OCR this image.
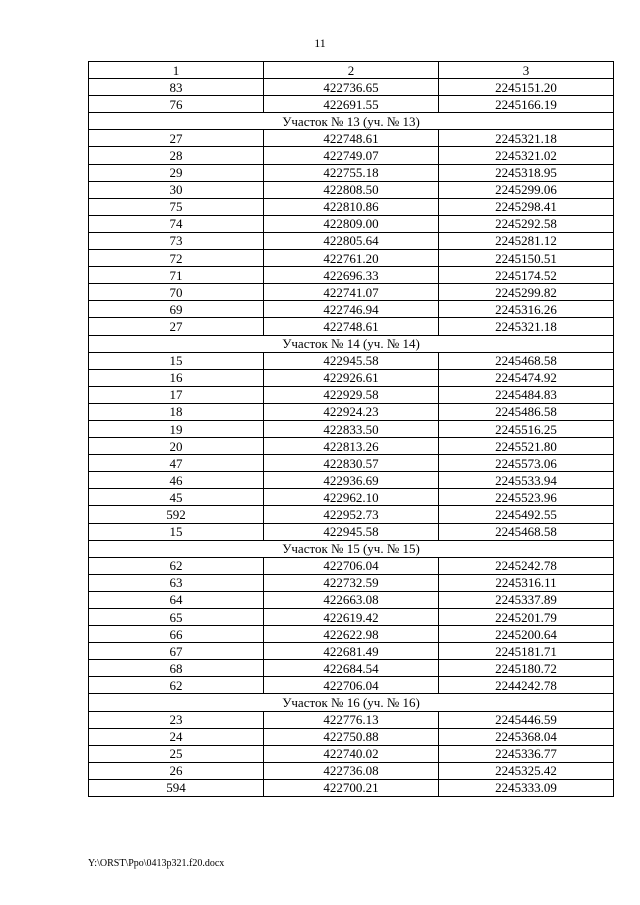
11
1	2	3
83	422736.65	2245151.20
76	422691.55	2245166.19
Участок № 13 (уч. № 13)		
27	422748.61	2245321.18
28	422749.07	2245321.02
29	422755.18	2245318.95
30	422808.50	2245299.06
75	422810.86	2245298.41
74	422809.00	2245292.58
73	422805.64	2245281.12
72	422761.20	2245150.51
71	422696.33	2245174.52
70	422741.07	2245299.82
69	422746.94	2245316.26
27	422748.61	2245321.18
Участок № 14 (уч. № 14)		
15	422945.58	2245468.58
16	422926.61	2245474.92
17	422929.58	2245484.83
18	422924.23	2245486.58
19	422833.50	2245516.25
20	422813.26	2245521.80
47	422830.57	2245573.06
46	422936.69	2245533.94
45	422962.10	2245523.96
592	422952.73	2245492.55
15	422945.58	2245468.58
Участок № 15 (уч. № 15)		
62	422706.04	2245242.78
63	422732.59	2245316.11
64	422663.08	2245337.89
65	422619.42	2245201.79
66	422622.98	2245200.64
67	422681.49	2245181.71
68	422684.54	2245180.72
62	422706.04	2244242.78
Участок № 16 (уч. № 16)		
23	422776.13	2245446.59
24	422750.88	2245368.04
25	422740.02	2245336.77
26	422736.08	2245325.42
594	422700.21	2245333.09
Y:\ORST\Ppo\0413p321.f20.docx
